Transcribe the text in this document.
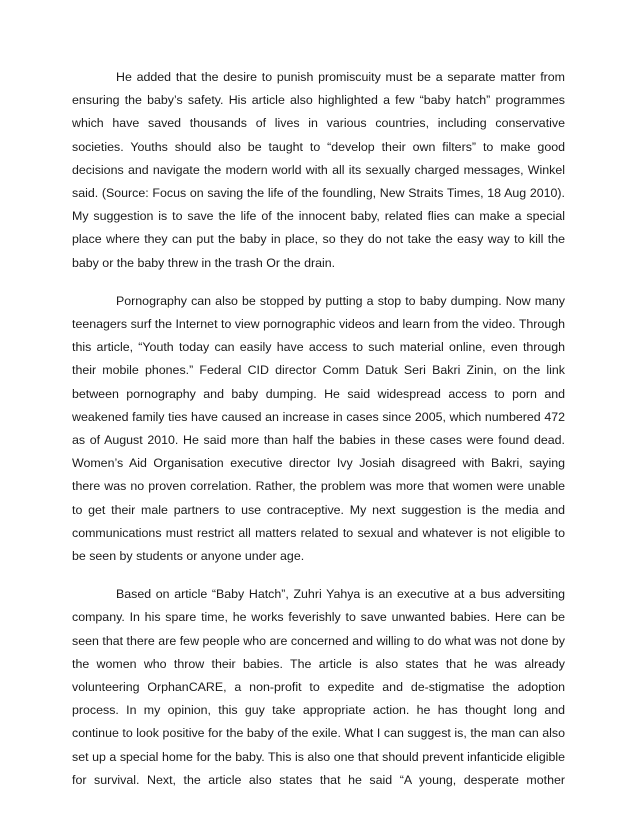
He added that the desire to punish promiscuity must be a separate matter from ensuring the baby’s safety. His article also highlighted a few “baby hatch” programmes which have saved thousands of lives in various countries, including conservative societies. Youths should also be taught to “develop their own filters” to make good decisions and navigate the modern world with all its sexually charged messages, Winkel said. (Source: Focus on saving the life of the foundling, New Straits Times, 18 Aug 2010). My suggestion is to save the life of the innocent baby, related flies can make a special place where they can put the baby in place, so they do not take the easy way to kill the baby or the baby threw in the trash Or the drain.

Pornography can also be stopped by putting a stop to baby dumping. Now many teenagers surf the Internet to view pornographic videos and learn from the video. Through this article, “Youth today can easily have access to such material online, even through their mobile phones.” Federal CID director Comm Datuk Seri Bakri Zinin, on the link between pornography and baby dumping. He said widespread access to porn and weakened family ties have caused an increase in cases since 2005, which numbered 472 as of August 2010. He said more than half the babies in these cases were found dead. Women’s Aid Organisation executive director Ivy Josiah disagreed with Bakri, saying there was no proven correlation. Rather, the problem was more that women were unable to get their male partners to use contraceptive. My next suggestion is the media and communications must restrict all matters related to sexual and whatever is not eligible to be seen by students or anyone under age.

Based on article “Baby Hatch”, Zuhri Yahya is an executive at a bus adversiting company. In his spare time, he works feverishly to save unwanted babies. Here can be seen that there are few people who are concerned and willing to do what was not done by the women who throw their babies. The article is also states that he was already volunteering OrphanCARE, a non-profit to expedite and de-stigmatise the adoption process. In my opinion, this guy take appropriate action. he has thought long and continue to look positive for the baby of the exile. What I can suggest is, the man can also set up a special home for the baby. This is also one that should prevent infanticide eligible for survival. Next, the article also states that he said “A young, desperate mother
